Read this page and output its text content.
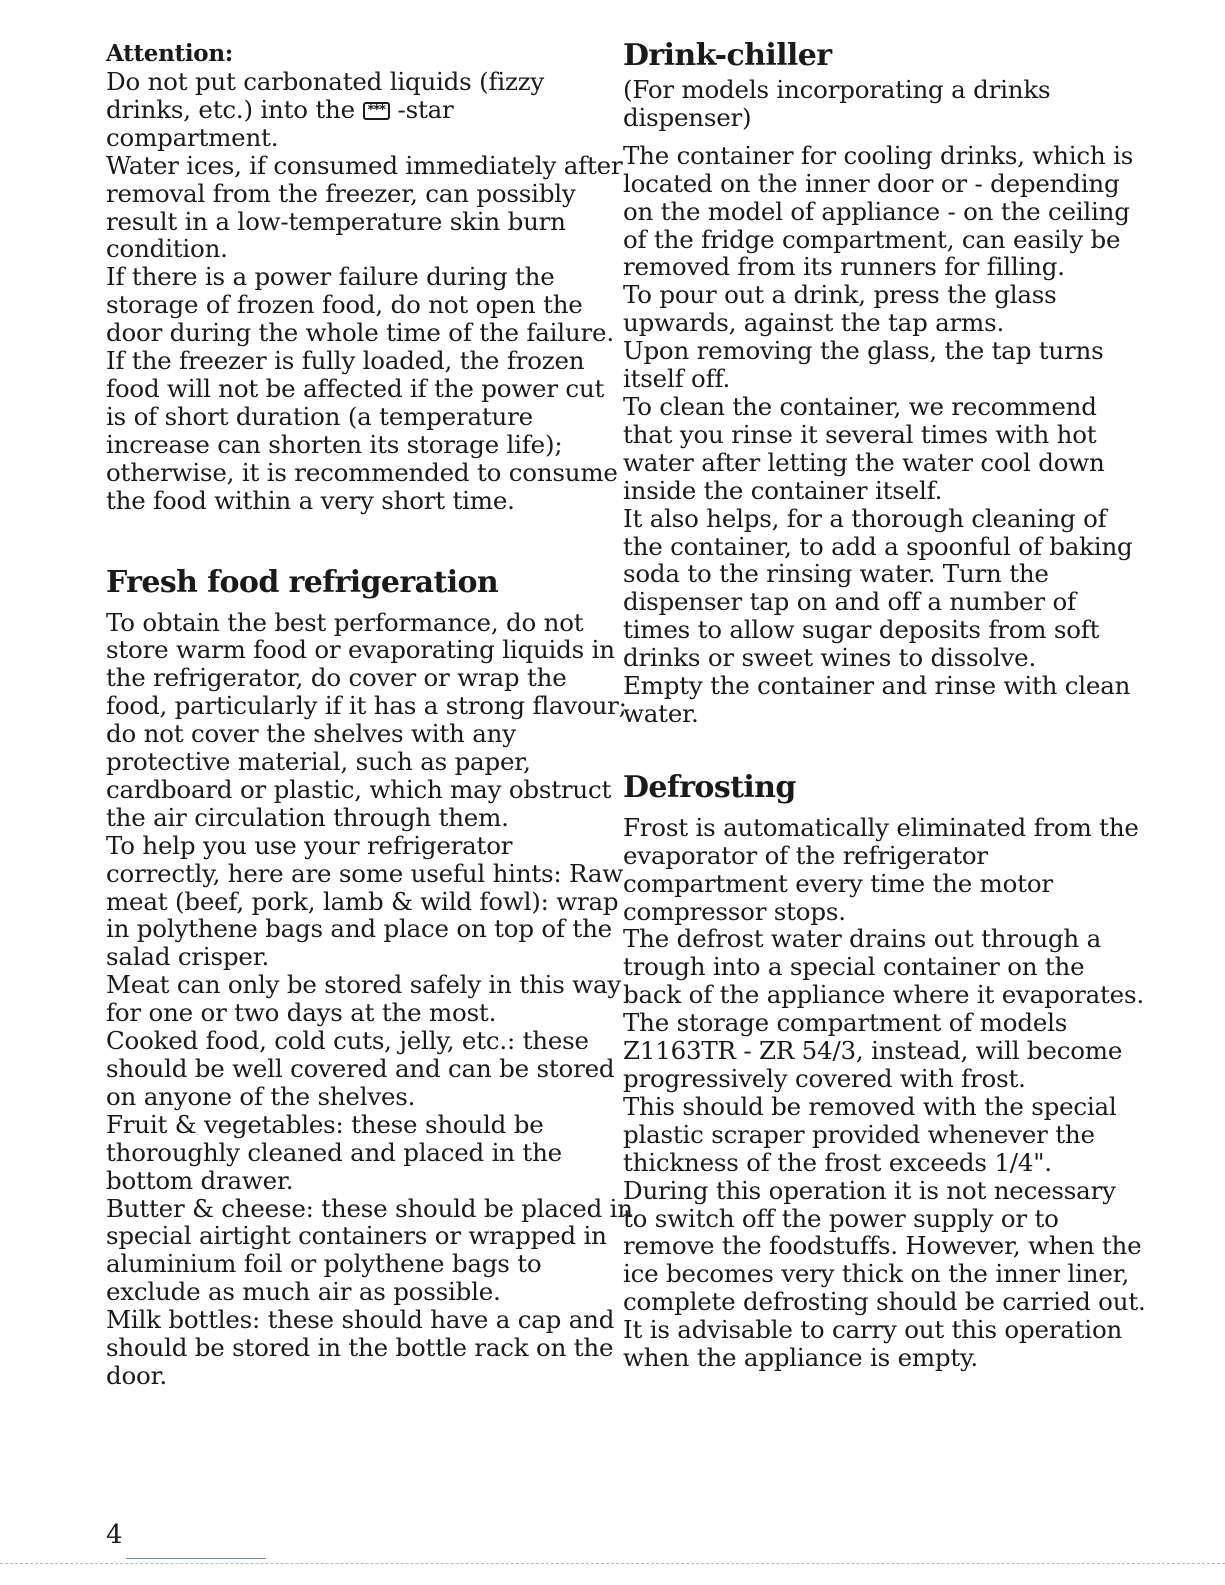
Attention:
Do not put carbonated liquids (fizzy
drinks, etc.) into the *** -star
compartment.
Water ices, if consumed immediately after
removal from the freezer, can possibly
result in a low-temperature skin burn
condition.
If there is a power failure during the
storage of frozen food, do not open the
door during the whole time of the failure.
If the freezer is fully loaded, the frozen
food will not be affected if the power cut
is of short duration (a temperature
increase can shorten its storage life);
otherwise, it is recommended to consume
the food within a very short time.
Fresh food refrigeration
To obtain the best performance, do not
store warm food or evaporating liquids in
the refrigerator, do cover or wrap the
food, particularly if it has a strong flavour;
do not cover the shelves with any
protective material, such as paper,
cardboard or plastic, which may obstruct
the air circulation through them.
To help you use your refrigerator
correctly, here are some useful hints: Raw
meat (beef, pork, lamb & wild fowl): wrap
in polythene bags and place on top of the
salad crisper.
Meat can only be stored safely in this way
for one or two days at the most.
Cooked food, cold cuts, jelly, etc.: these
should be well covered and can be stored
on anyone of the shelves.
Fruit & vegetables: these should be
thoroughly cleaned and placed in the
bottom drawer.
Butter & cheese: these should be placed in
special airtight containers or wrapped in
aluminium foil or polythene bags to
exclude as much air as possible.
Milk bottles: these should have a cap and
should be stored in the bottle rack on the
door.
Drink-chiller
(For models incorporating a drinks
dispenser)
The container for cooling drinks, which is
located on the inner door or - depending
on the model of appliance - on the ceiling
of the fridge compartment, can easily be
removed from its runners for filling.
To pour out a drink, press the glass
upwards, against the tap arms.
Upon removing the glass, the tap turns
itself off.
To clean the container, we recommend
that you rinse it several times with hot
water after letting the water cool down
inside the container itself.
It also helps, for a thorough cleaning of
the container, to add a spoonful of baking
soda to the rinsing water. Turn the
dispenser tap on and off a number of
times to allow sugar deposits from soft
drinks or sweet wines to dissolve.
Empty the container and rinse with clean
water.
Defrosting
Frost is automatically eliminated from the
evaporator of the refrigerator
compartment every time the motor
compressor stops.
The defrost water drains out through a
trough into a special container on the
back of the appliance where it evaporates.
The storage compartment of models
Z1163TR - ZR 54/3, instead, will become
progressively covered with frost.
This should be removed with the special
plastic scraper provided whenever the
thickness of the frost exceeds 1/4".
During this operation it is not necessary
to switch off the power supply or to
remove the foodstuffs. However, when the
ice becomes very thick on the inner liner,
complete defrosting should be carried out.
It is advisable to carry out this operation
when the appliance is empty.
4
